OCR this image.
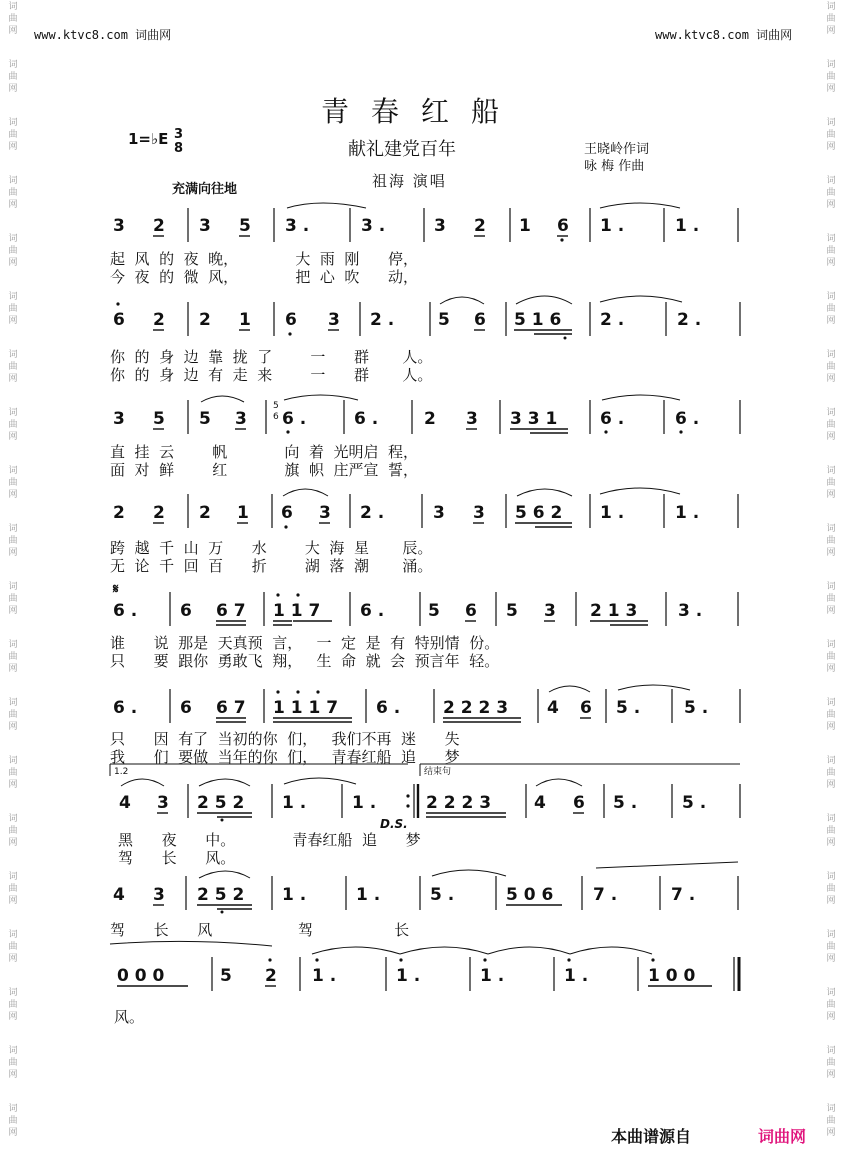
词
曲
网
词
曲
网
词
曲
网
词
曲
网
词
曲
网
词
曲
网
词
曲
网
词
曲
网
词
曲
网
词
曲
网
词
曲
网
词
曲
网
词
曲
网
词
曲
网
词
曲
网
词
曲
网
词
曲
网
词
曲
网
词
曲
网
词
曲
网
词
曲
网
词
曲
网
词
曲
网
词
曲
网
词
曲
网
词
曲
网
词
曲
网
词
曲
网
词
曲
网
词
曲
网
词
曲
网
词
曲
网
词
曲
网
词
曲
网
词
曲
网
词
曲
网
词
曲
网
词
曲
网
词
曲
网
词
曲
网
www.ktvc8.com 词曲网	www.ktvc8.com 词曲网
青春红船
献礼建党百年
祖海 演唱
王晓岭作词
咏 梅 作曲
1=♭E 3
8
充满向往地
3 2 3 5 3 .	3 .	3 2 1 6 1 .	1 .
起  风  的  夜  晚，            大  雨  刚      停，
今  夜  的  微  风，            把  心  吹      动，
6 2 2 1 6 3 2 .	5 6 5 1 6 2 .	2 .
你  的  身  边  靠  拢  了        一      群       人。
你  的  身  边  有  走  来        一      群       人。
3 5 5 3 6 .	6 .	2 3 3 3 1	6 .	6 .
5
6
直  挂  云        帆            向  着  光明启  程，
面  对  鲜        红            旗  帜  庄严宣  誓，
2 2 2 1 6 3 2 .	3 3 5 6 2 1 .	1 .
跨  越  千  山  万      水        大  海  星       辰。
无  论  千  回  百      折        湖  落  潮       涌。
𝄋
6 .	6 6 7 1 1 7 6 .	5 6 5 3 2 1 3 3 .
谁      说  那是  天真预  言，   一  定  是  有  特别情  份。
只      要  跟你  勇敢飞  翔，   生  命  就  会  预言年  轻。
6 .	6 6 7 1 1 1 7 6 .	2 2 2 3 4 6 5 .	5 .
只      因  有了  当初的你  们，   我们不再  迷      失
我      们  要做  当年的你  们，   青春红船  追      梦
1.2	结束句
4 3 2 5 2 1 .	1 .	2 2 2 3	4 6 5 .	5 .
D.S.
黑      夜      中。            青春红船  追      梦
驾      长      风。
4 3 2 5 2 1 .	1 .	5 .	5 0 6 7 .	7 .
驾      长      风                  驾                 长
0 0 0	5 2 1 .	1 .	1 .	1 .	1 0 0
风。
本曲谱源自	词曲网
